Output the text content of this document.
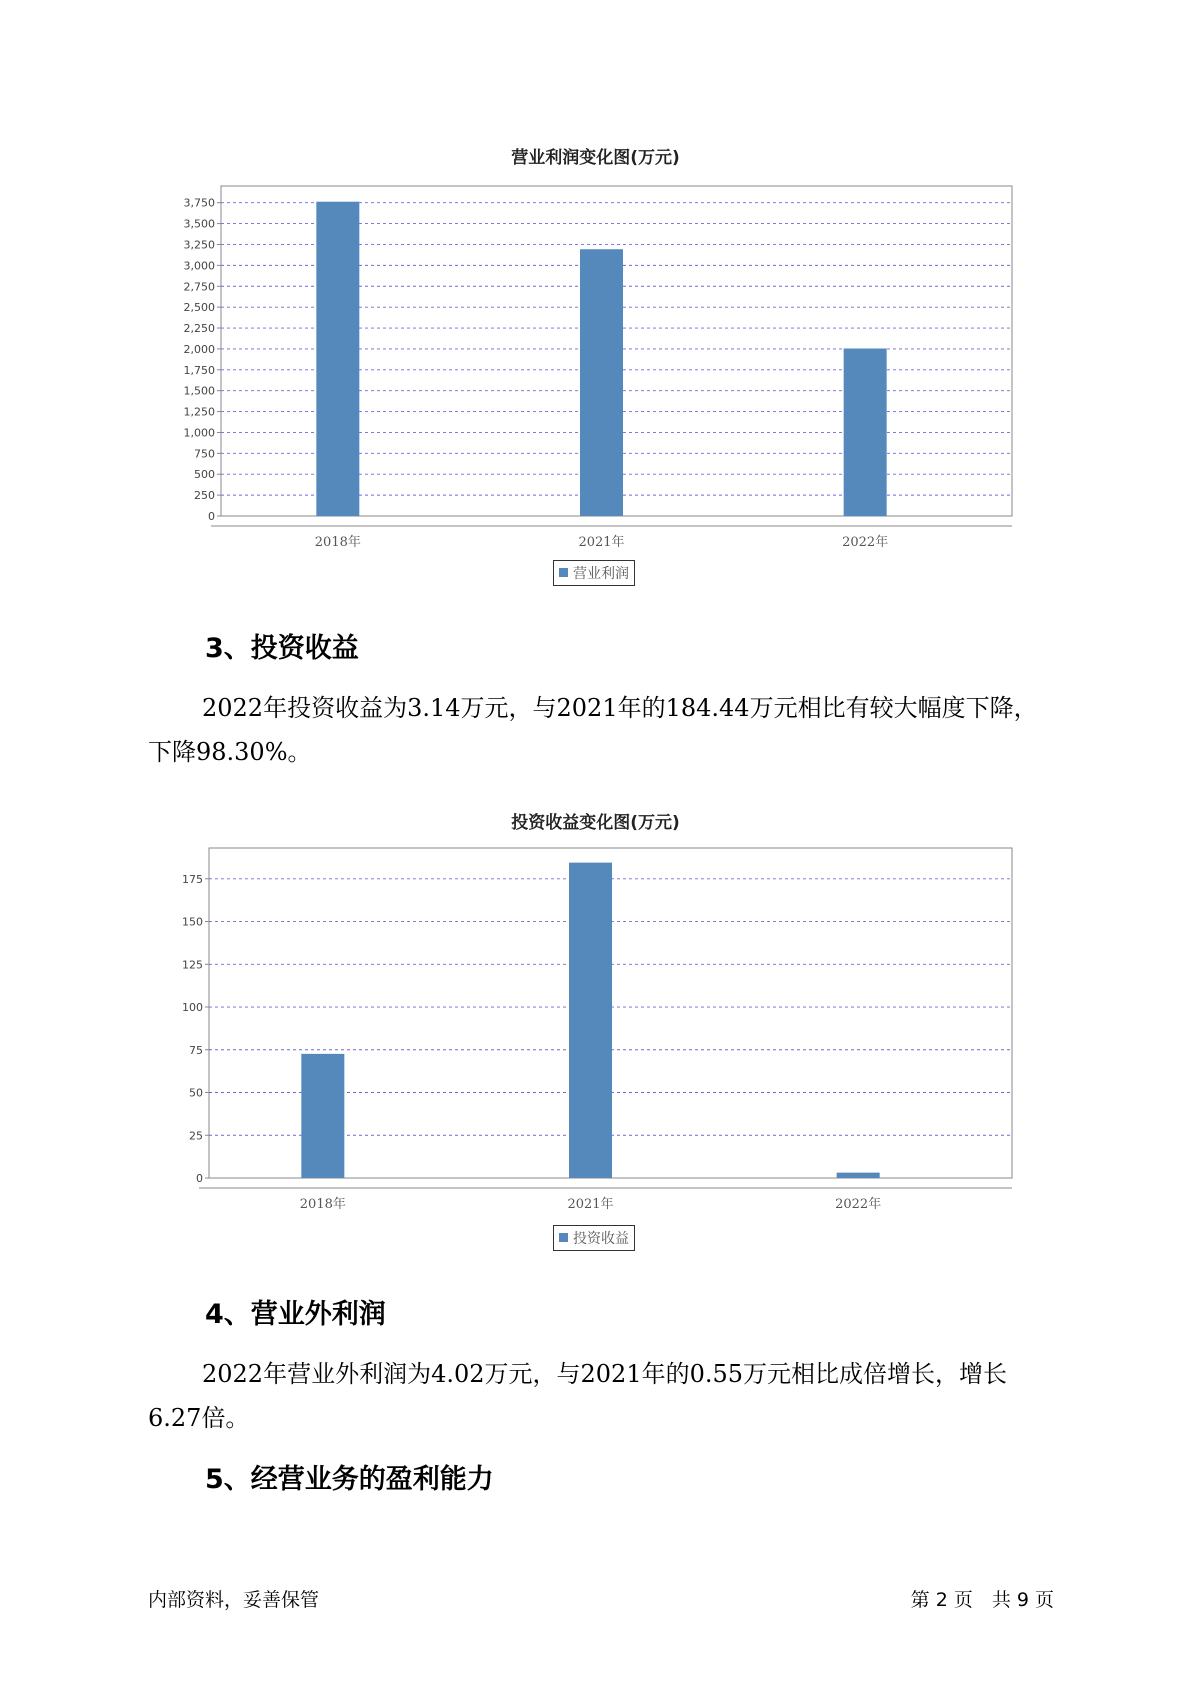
营业利润变化图(万元)
0
250
500
750
1,000
1,250
1,500
1,750
2,000
2,250
2,500
2,750
3,000
3,250
3,500
3,750
2018年	2021年	2022年
营业利润
3、投资收益
2022年投资收益为3.14万元，与2021年的184.44万元相比有较大幅度下降，下降98.30%。
投资收益变化图(万元)
0
25
50
75
100
125
150
175
2018年	2021年	2022年
投资收益
4、营业外利润
2022年营业外利润为4.02万元，与2021年的0.55万元相比成倍增长，增长6.27倍。
5、经营业务的盈利能力
内部资料，妥善保管	第 2 页　共 9 页
